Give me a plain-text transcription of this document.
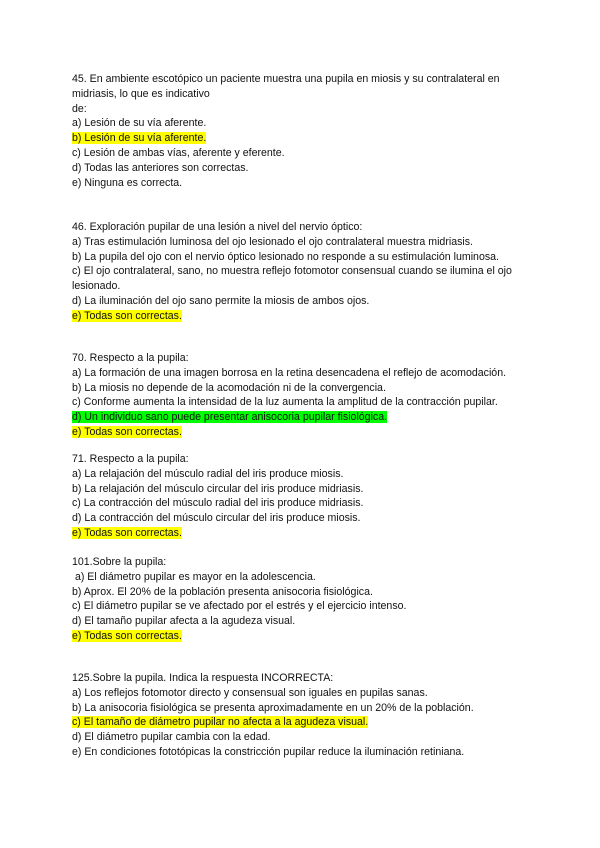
45. En ambiente escotópico un paciente muestra una pupila en miosis y su contralateral en midriasis, lo que es indicativo
de:
a) Lesión de su vía aferente.
b) Lesión de su vía aferente.
c) Lesión de ambas vías, aferente y eferente.
d) Todas las anteriores son correctas.
e) Ninguna es correcta.
46. Exploración pupilar de una lesión a nivel del nervio óptico:
a) Tras estimulación luminosa del ojo lesionado el ojo contralateral muestra midriasis.
b) La pupila del ojo con el nervio óptico lesionado no responde a su estimulación luminosa.
c) El ojo contralateral, sano, no muestra reflejo fotomotor consensual cuando se ilumina el ojo lesionado.
d) La iluminación del ojo sano permite la miosis de ambos ojos.
e) Todas son correctas.
70. Respecto a la pupila:
a) La formación de una imagen borrosa en la retina desencadena el reflejo de acomodación.
b) La miosis no depende de la acomodación ni de la convergencia.
c) Conforme aumenta la intensidad de la luz aumenta la amplitud de la contracción pupilar.
d) Un individuo sano puede presentar anisocoria pupilar fisiológica.
e) Todas son correctas.
71. Respecto a la pupila:
a) La relajación del músculo radial del iris produce miosis.
b) La relajación del músculo circular del iris produce midriasis.
c) La contracción del músculo radial del iris produce midriasis.
d) La contracción del músculo circular del iris produce miosis.
e) Todas son correctas.
101.Sobre la pupila:
a) El diámetro pupilar es mayor en la adolescencia.
b) Aprox. El 20% de la población presenta anisocoria fisiológica.
c) El diámetro pupilar se ve afectado por el estrés y el ejercicio intenso.
d) El tamaño pupilar afecta a la agudeza visual.
e) Todas son correctas.
125.Sobre la pupila. Indica la respuesta INCORRECTA:
a) Los reflejos fotomotor directo y consensual son iguales en pupilas sanas.
b) La anisocoria fisiológica se presenta aproximadamente en un 20% de la población.
c) El tamaño de diámetro pupilar no afecta a la agudeza visual.
d) El diámetro pupilar cambia con la edad.
e) En condiciones fototópicas la constricción pupilar reduce la iluminación retiniana.
